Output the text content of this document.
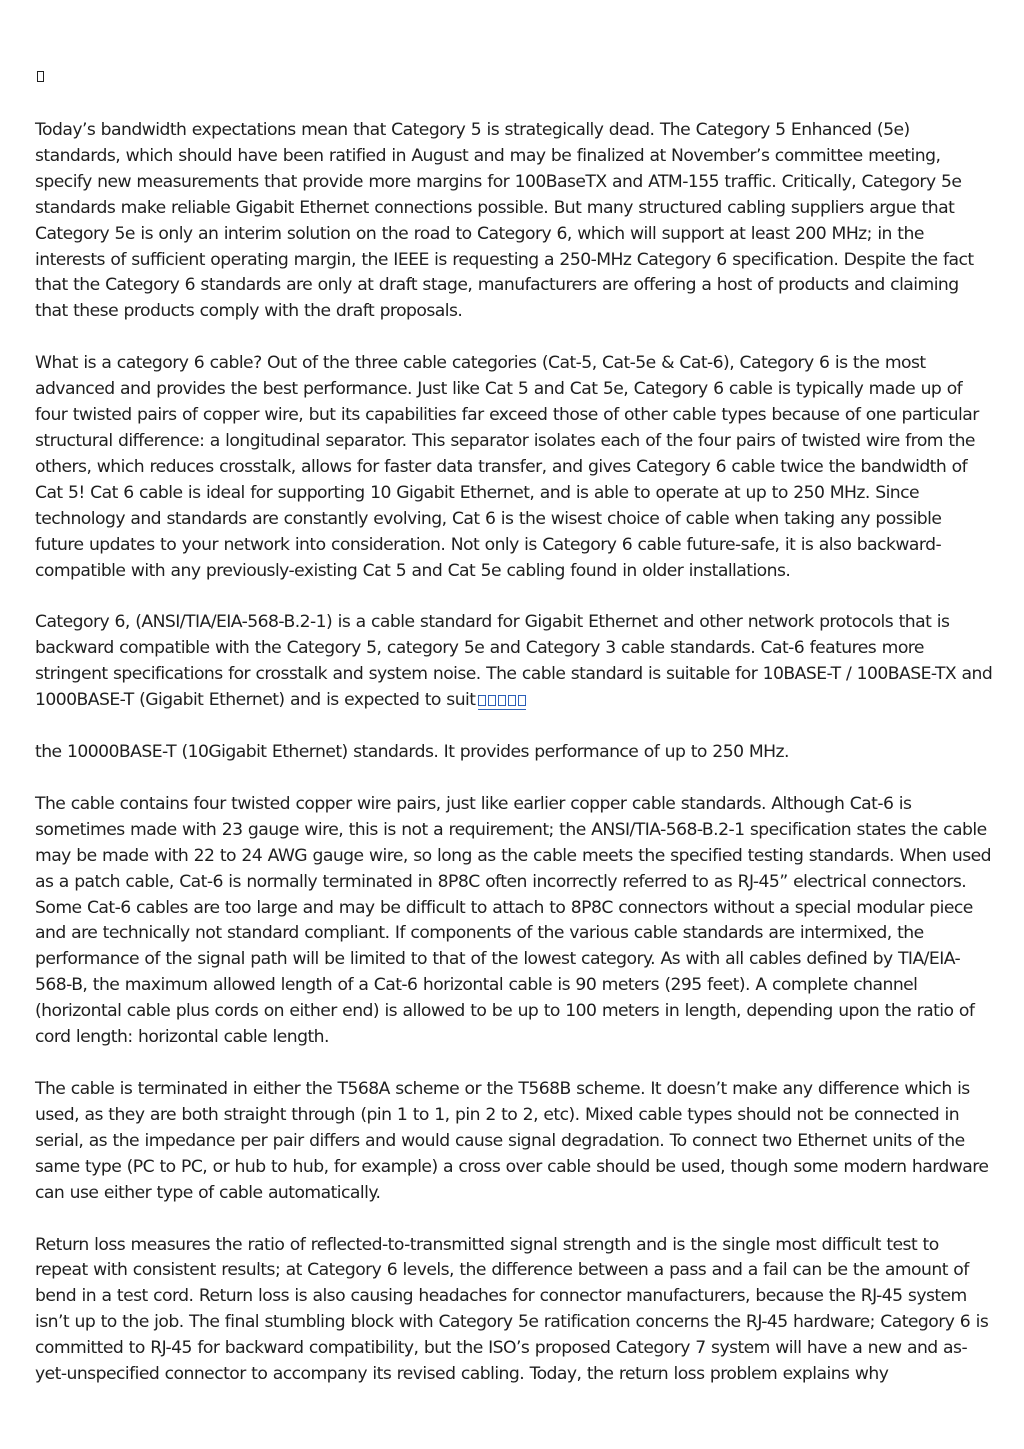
Today’s bandwidth expectations mean that Category 5 is strategically dead. The Category 5 Enhanced (5e) standards, which should have been ratified in August and may be finalized at November’s committee meeting, specify new measurements that provide more margins for 100BaseTX and ATM-155 traffic. Critically, Category 5e standards make reliable Gigabit Ethernet connections possible. But many structured cabling suppliers argue that Category 5e is only an interim solution on the road to Category 6, which will support at least 200 MHz; in the interests of sufficient operating margin, the IEEE is requesting a 250-MHz Category 6 specification. Despite the fact that the Category 6 standards are only at draft stage, manufacturers are offering a host of products and claiming that these products comply with the draft proposals.

What is a category 6 cable? Out of the three cable categories (Cat-5, Cat-5e & Cat-6), Category 6 is the most advanced and provides the best performance. Just like Cat 5 and Cat 5e, Category 6 cable is typically made up of four twisted pairs of copper wire, but its capabilities far exceed those of other cable types because of one particular structural difference: a longitudinal separator. This separator isolates each of the four pairs of twisted wire from the others, which reduces crosstalk, allows for faster data transfer, and gives Category 6 cable twice the bandwidth of Cat 5! Cat 6 cable is ideal for supporting 10 Gigabit Ethernet, and is able to operate at up to 250 MHz. Since technology and standards are constantly evolving, Cat 6 is the wisest choice of cable when taking any possible future updates to your network into consideration. Not only is Category 6 cable future-safe, it is also backward-compatible with any previously-existing Cat 5 and Cat 5e cabling found in older installations.

Category 6, (ANSI/TIA/EIA-568-B.2-1) is a cable standard for Gigabit Ethernet and other network protocols that is backward compatible with the Category 5, category 5e and Category 3 cable standards. Cat-6 features more stringent specifications for crosstalk and system noise. The cable standard is suitable for 10BASE-T / 100BASE-TX and 1000BASE-T (Gigabit Ethernet) and is expected to suit

the 10000BASE-T (10Gigabit Ethernet) standards. It provides performance of up to 250 MHz.

The cable contains four twisted copper wire pairs, just like earlier copper cable standards. Although Cat-6 is sometimes made with 23 gauge wire, this is not a requirement; the ANSI/TIA-568-B.2-1 specification states the cable may be made with 22 to 24 AWG gauge wire, so long as the cable meets the specified testing standards. When used as a patch cable, Cat-6 is normally terminated in 8P8C often incorrectly referred to as RJ-45” electrical connectors. Some Cat-6 cables are too large and may be difficult to attach to 8P8C connectors without a special modular piece and are technically not standard compliant. If components of the various cable standards are intermixed, the performance of the signal path will be limited to that of the lowest category. As with all cables defined by TIA/EIA-568-B, the maximum allowed length of a Cat-6 horizontal cable is 90 meters (295 feet). A complete channel (horizontal cable plus cords on either end) is allowed to be up to 100 meters in length, depending upon the ratio of cord length: horizontal cable length.

The cable is terminated in either the T568A scheme or the T568B scheme. It doesn’t make any difference which is used, as they are both straight through (pin 1 to 1, pin 2 to 2, etc). Mixed cable types should not be connected in serial, as the impedance per pair differs and would cause signal degradation. To connect two Ethernet units of the same type (PC to PC, or hub to hub, for example) a cross over cable should be used, though some modern hardware can use either type of cable automatically.

Return loss measures the ratio of reflected-to-transmitted signal strength and is the single most difficult test to repeat with consistent results; at Category 6 levels, the difference between a pass and a fail can be the amount of bend in a test cord. Return loss is also causing headaches for connector manufacturers, because the RJ-45 system isn’t up to the job. The final stumbling block with Category 5e ratification concerns the RJ-45 hardware; Category 6 is committed to RJ-45 for backward compatibility, but the ISO’s proposed Category 7 system will have a new and as-yet-unspecified connector to accompany its revised cabling. Today, the return loss problem explains why
